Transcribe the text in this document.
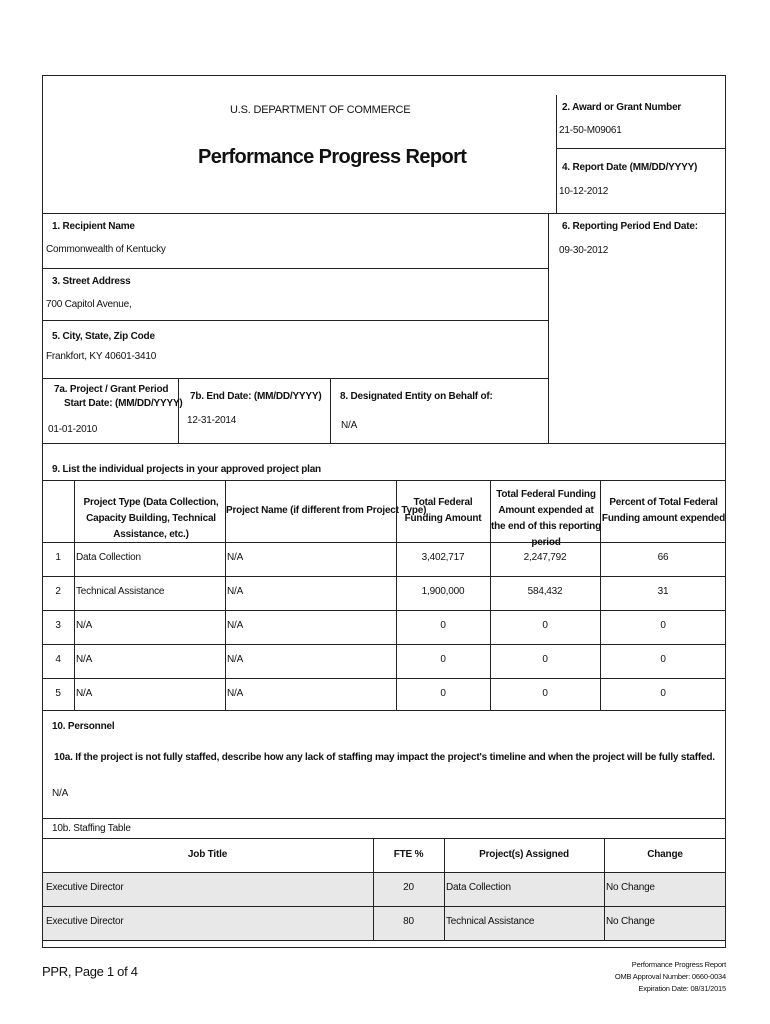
U.S. DEPARTMENT OF COMMERCE
Performance Progress Report
2. Award or Grant Number
21-50-M09061
4. Report Date (MM/DD/YYYY)
10-12-2012
1. Recipient Name
Commonwealth of Kentucky
6. Reporting Period End Date:
09-30-2012
3. Street Address
700 Capitol Avenue,
5. City, State, Zip Code
Frankfort, KY 40601-3410
7a. Project / Grant Period
Start Date: (MM/DD/YYYY)
01-01-2010
7b. End Date: (MM/DD/YYYY)
12-31-2014
8. Designated Entity on Behalf of:
N/A
9. List the individual projects in your approved project plan
Project Type (Data Collection, Capacity Building, Technical Assistance, etc.)
Project Name (if different from Project Type)
Total Federal Funding Amount
Total Federal Funding Amount expended at the end of this reporting period
Percent of Total Federal Funding amount expended
1	Data Collection	N/A	3,402,717	2,247,792	66
2	Technical Assistance	N/A	1,900,000	584,432	31
3	N/A	N/A	0	0	0
4	N/A	N/A	0	0	0
5	N/A	N/A	0	0	0
10. Personnel
10a. If the project is not fully staffed, describe how any lack of staffing may impact the project's timeline and when the project will be fully staffed.
N/A
10b. Staffing Table
Job Title	FTE %	Project(s) Assigned	Change
Executive Director	20	Data Collection	No Change
Executive Director	80	Technical Assistance	No Change
PPR, Page 1 of 4	Performance Progress Report
OMB Approval Number: 0660-0034
Expiration Date: 08/31/2015
